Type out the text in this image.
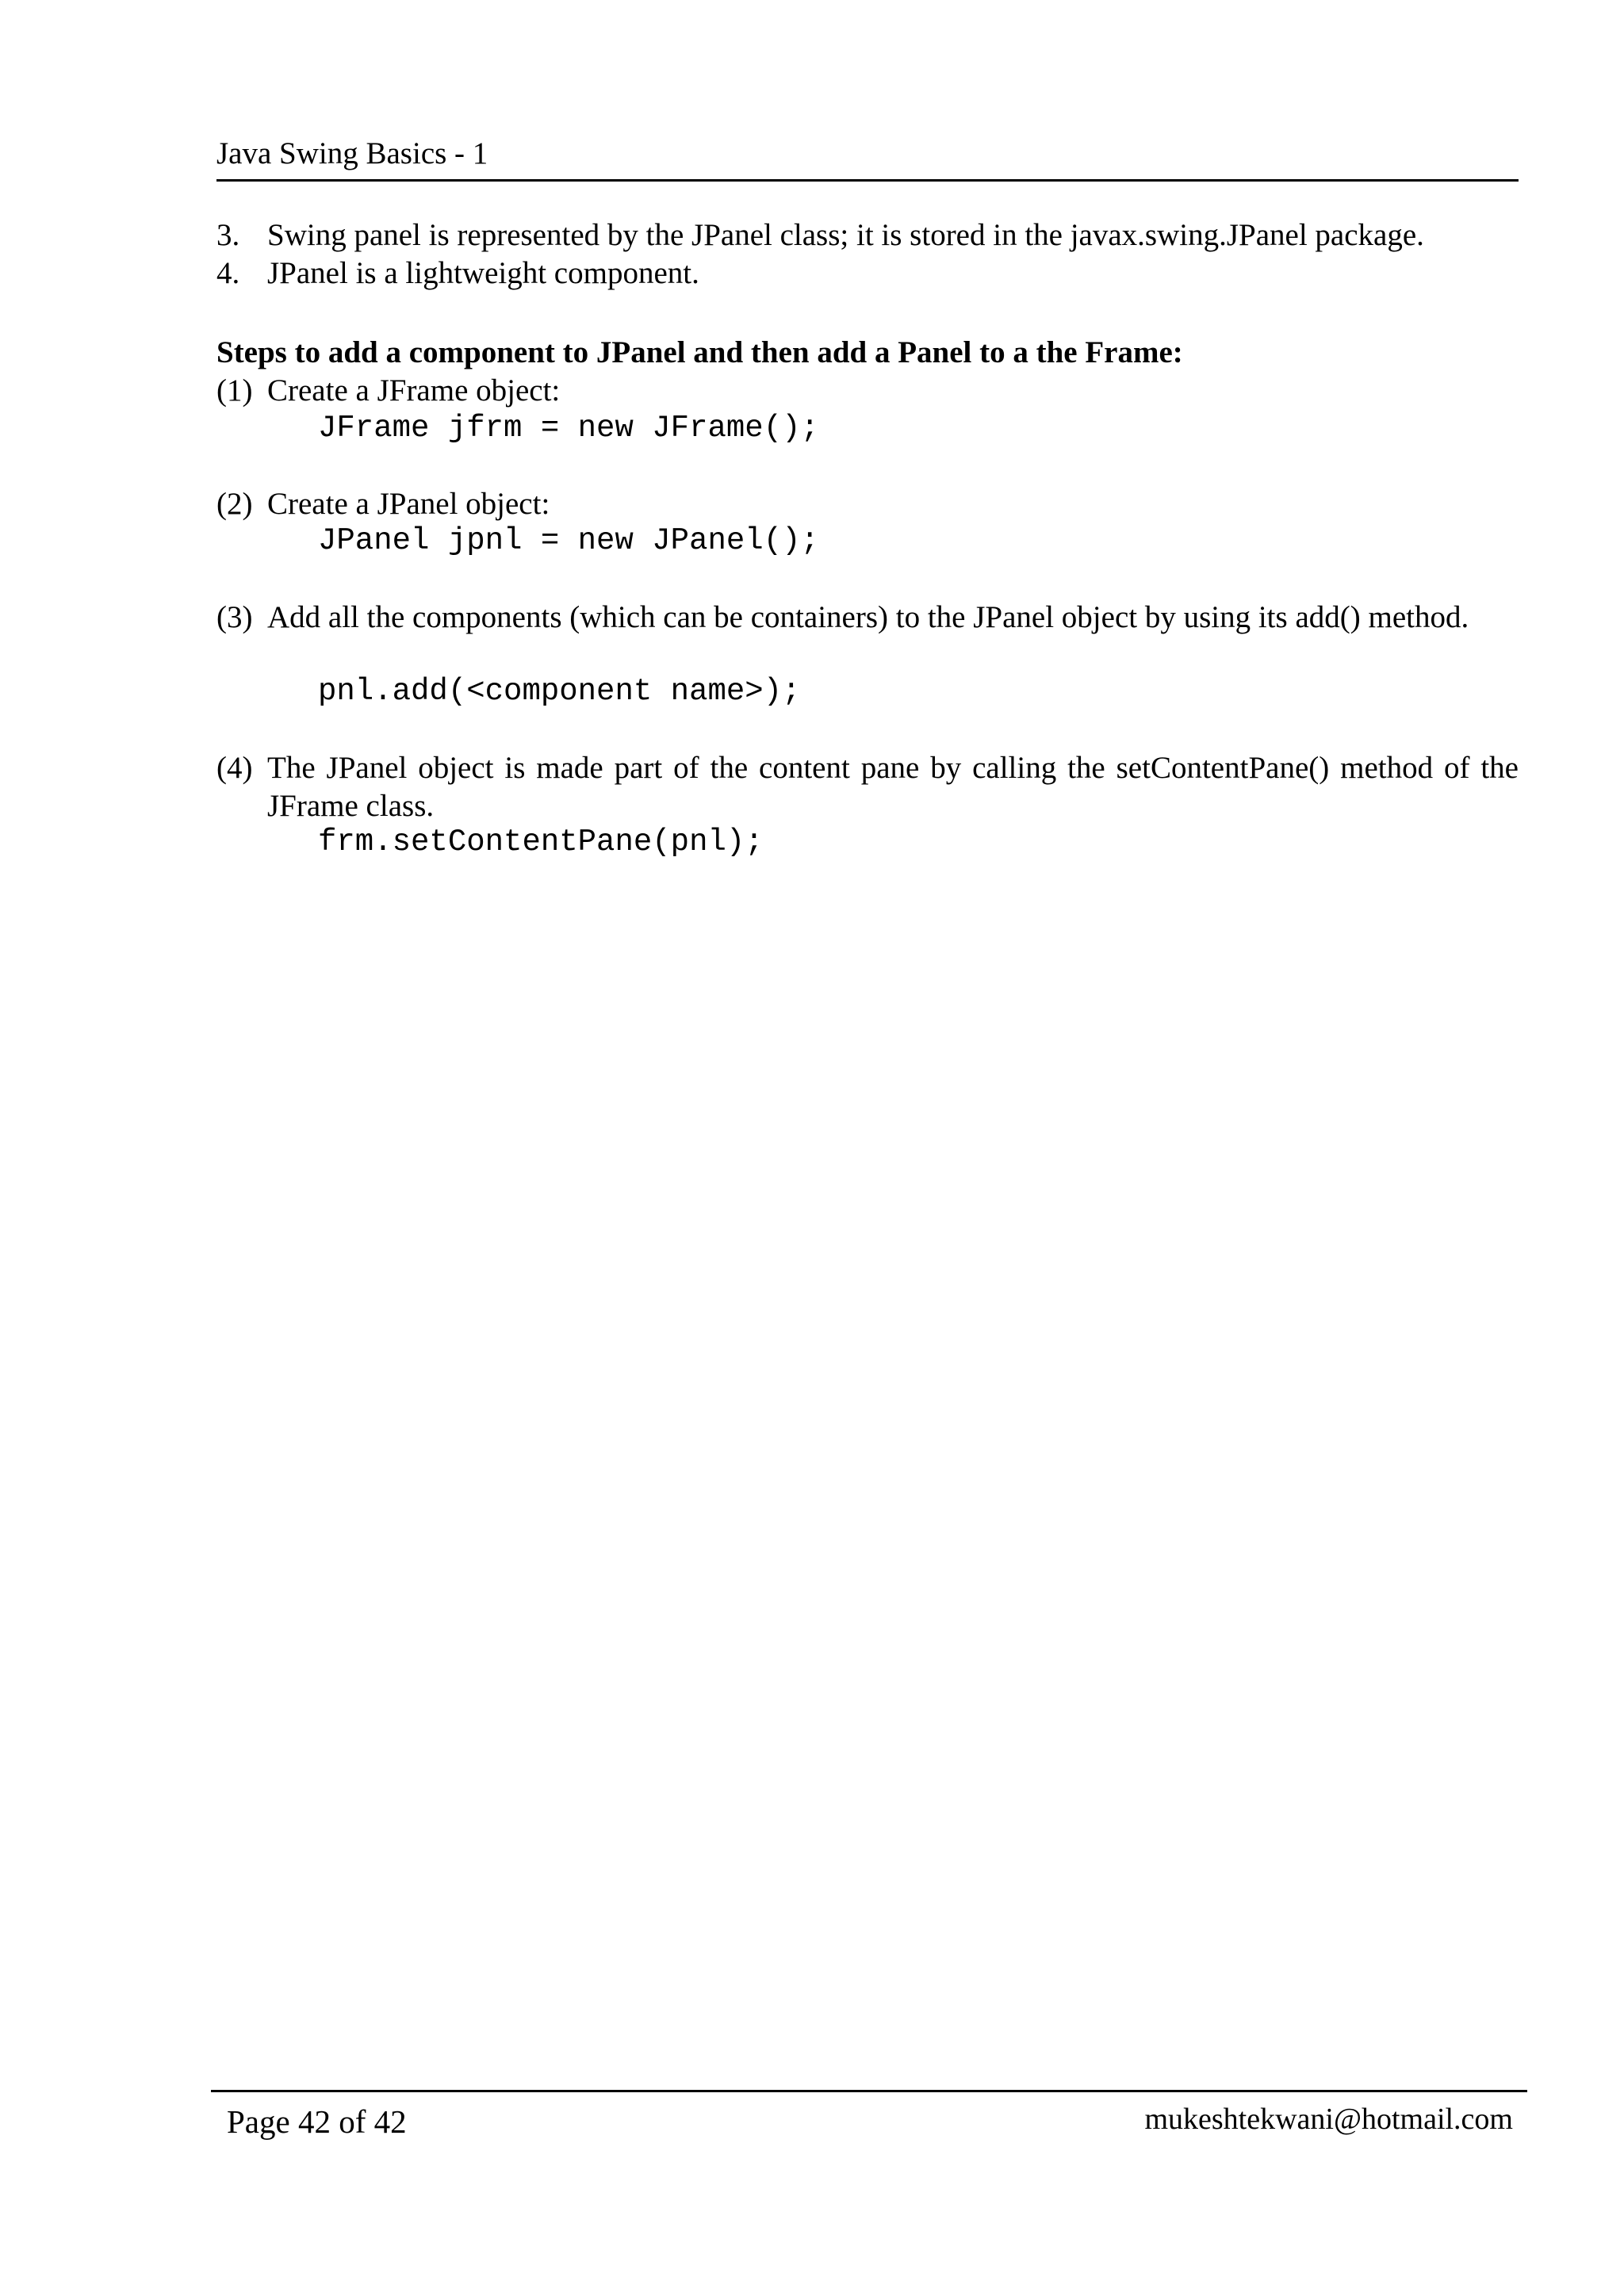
Java Swing Basics - 1
3. Swing panel is represented by the JPanel class; it is stored in the javax.swing.JPanel package.
4. JPanel is a lightweight component.
Steps to add a component to JPanel and then add a Panel to a the Frame:
(1) Create a JFrame object:
JFrame jfrm = new JFrame();
(2) Create a JPanel object:
JPanel jpnl = new JPanel();
(3) Add all the components (which can be containers) to the JPanel object by using its add() method.
pnl.add(<component name>);
(4) The JPanel object is made part of the content pane by calling the setContentPane() method of the JFrame class.
frm.setContentPane(pnl);
Page 42 of 42	mukeshtekwani@hotmail.com
